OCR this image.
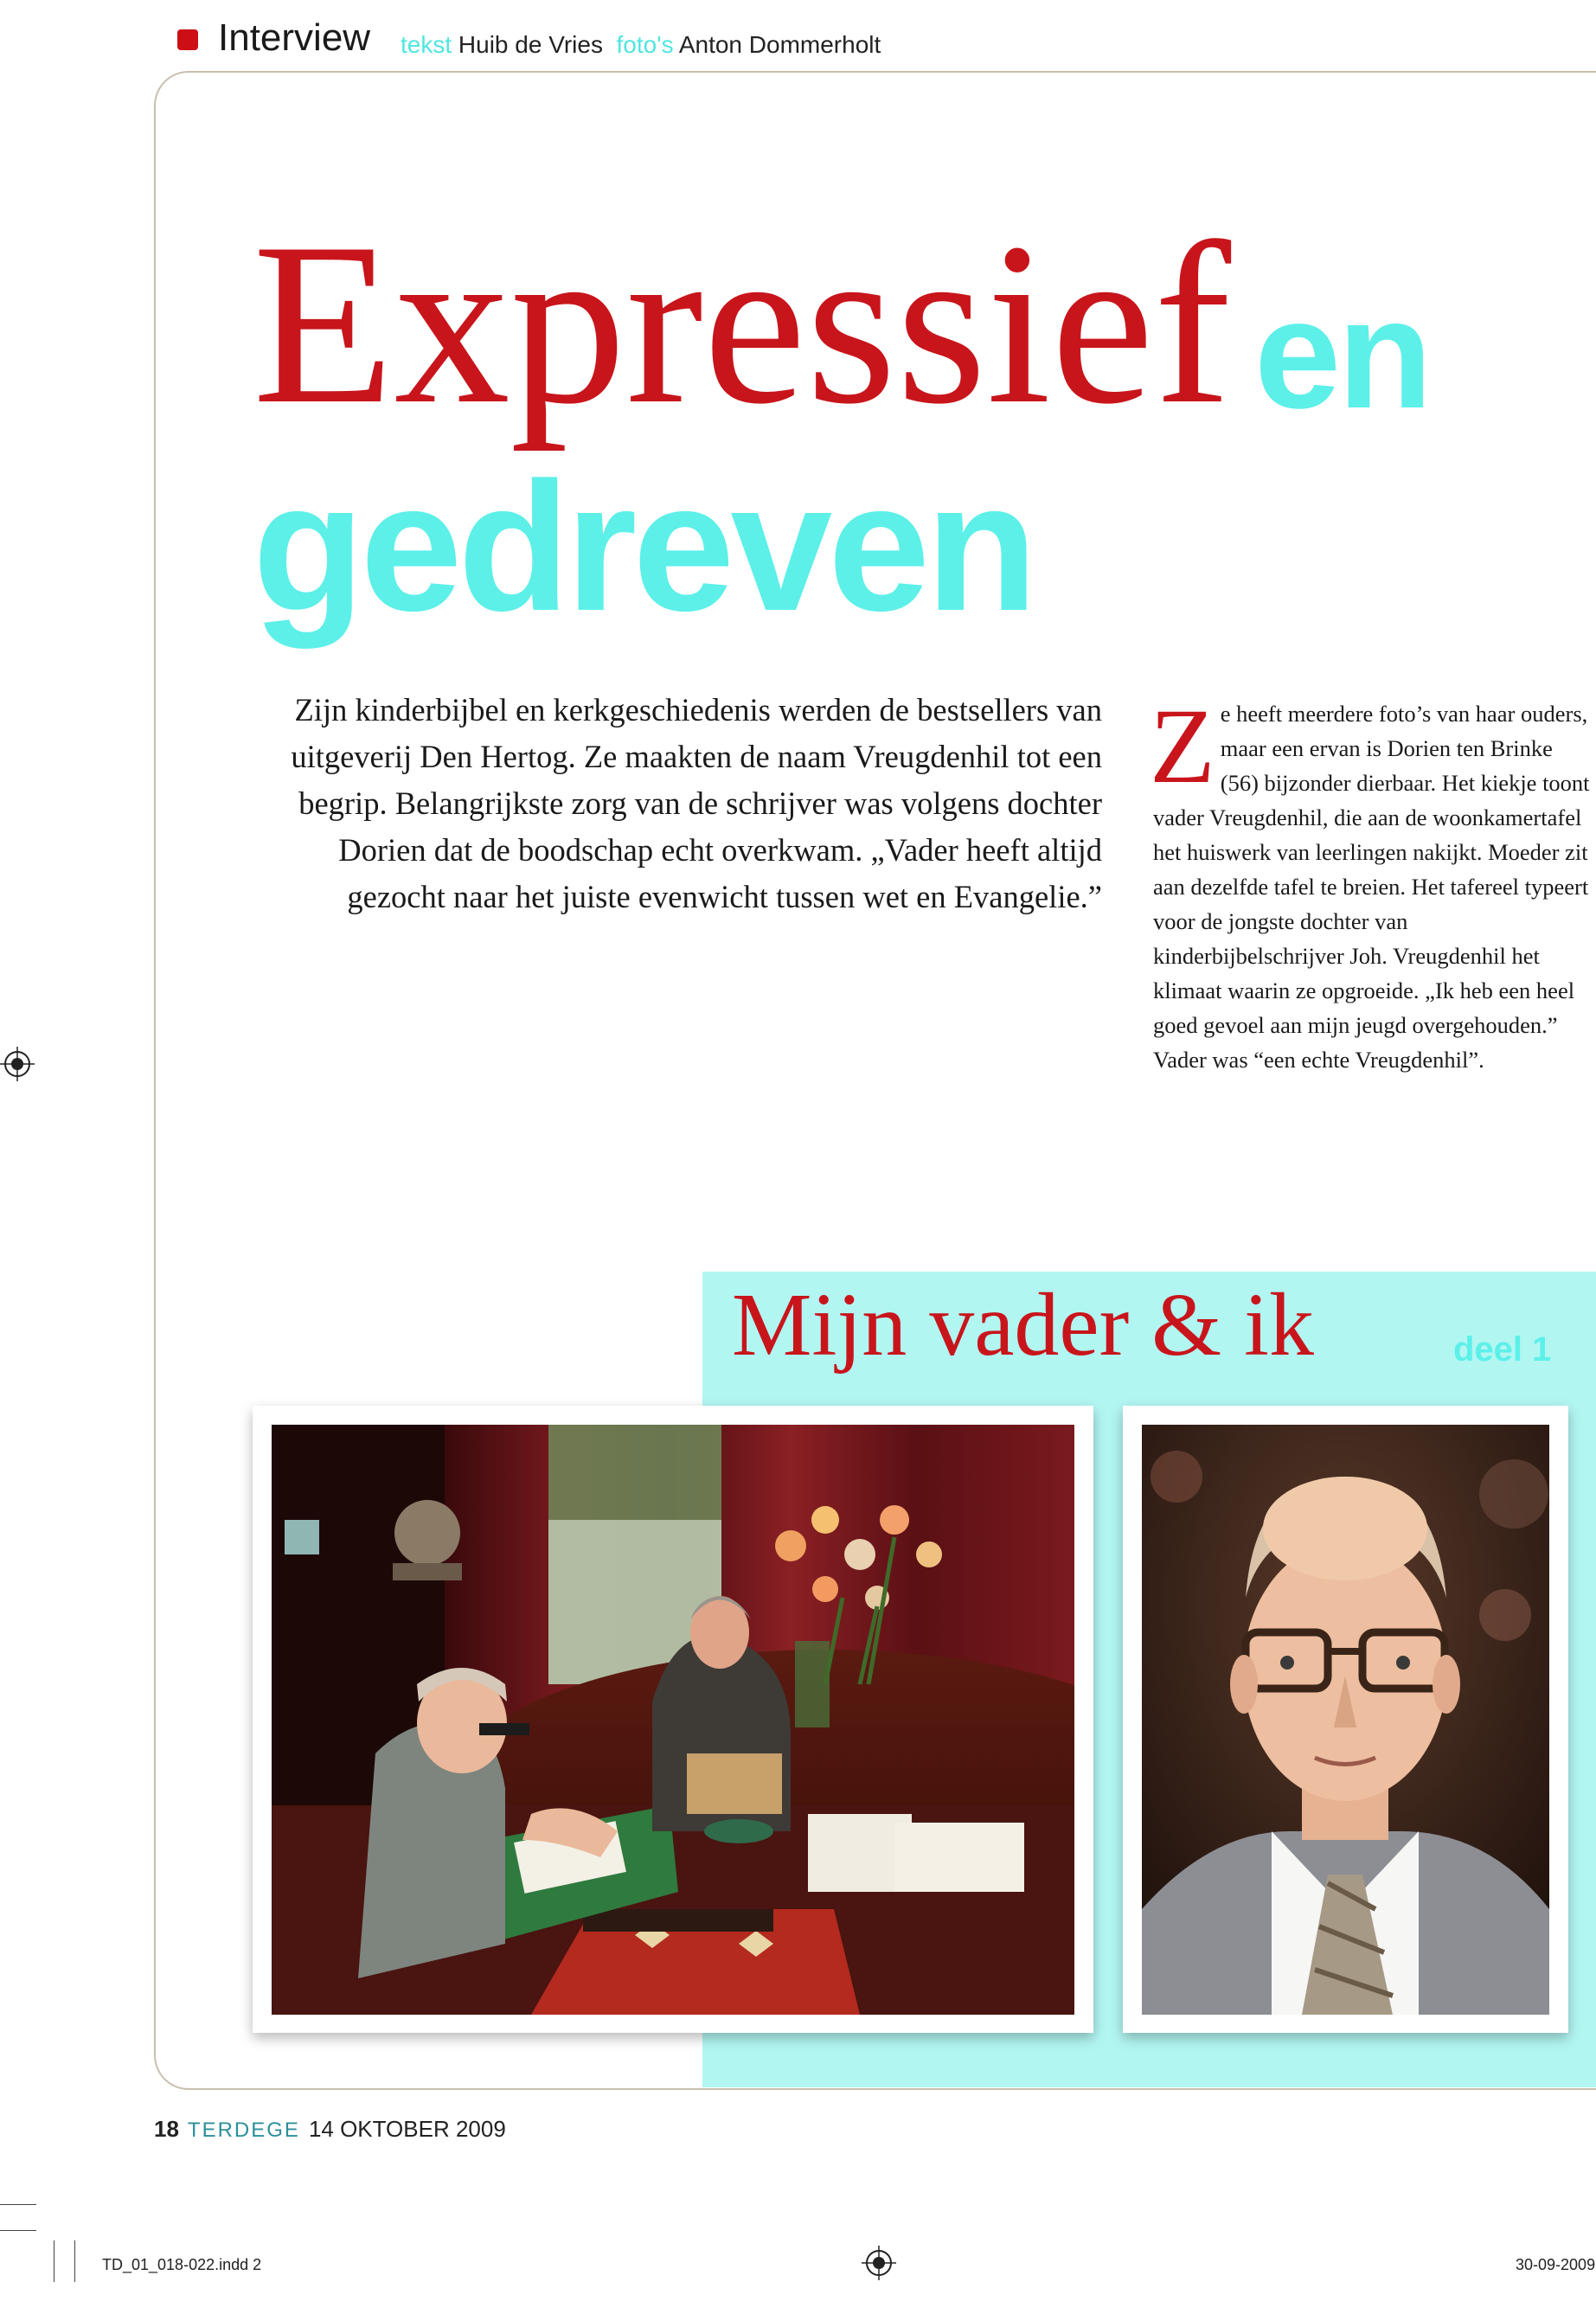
Interview tekst Huib de Vries foto's Anton Dommerholt
Expressief en
gedreven
Zijn kinderbijbel en kerkgeschiedenis werden de bestsellers van uitgeverij Den Hertog. Ze maakten de naam Vreugdenhil tot een begrip. Belangrijkste zorg van de schrijver was volgens dochter Dorien dat de boodschap echt overkwam. „Vader heeft altijd gezocht naar het juiste evenwicht tussen wet en Evangelie.”

Ze heeft meerdere foto’s van haar ouders, maar een ervan is Dorien ten Brinke (56) bijzonder dierbaar. Het kiekje toont vader Vreugdenhil, die aan de woonkamertafel het huiswerk van leerlingen nakijkt. Moeder zit aan dezelfde tafel te breien. Het tafereel typeert voor de jongste dochter van kinderbijbelschrijver Joh. Vreugdenhil het klimaat waarin ze opgroeide. „Ik heb een heel goed gevoel aan mijn jeugd overgehouden.”

Vader was “een echte Vreugdenhil”.

Mijn vader & ik	deel 1
18 TERDEGE 14 OKTOBER 2009
TD_01_018-022.indd 2	30-09-2009
